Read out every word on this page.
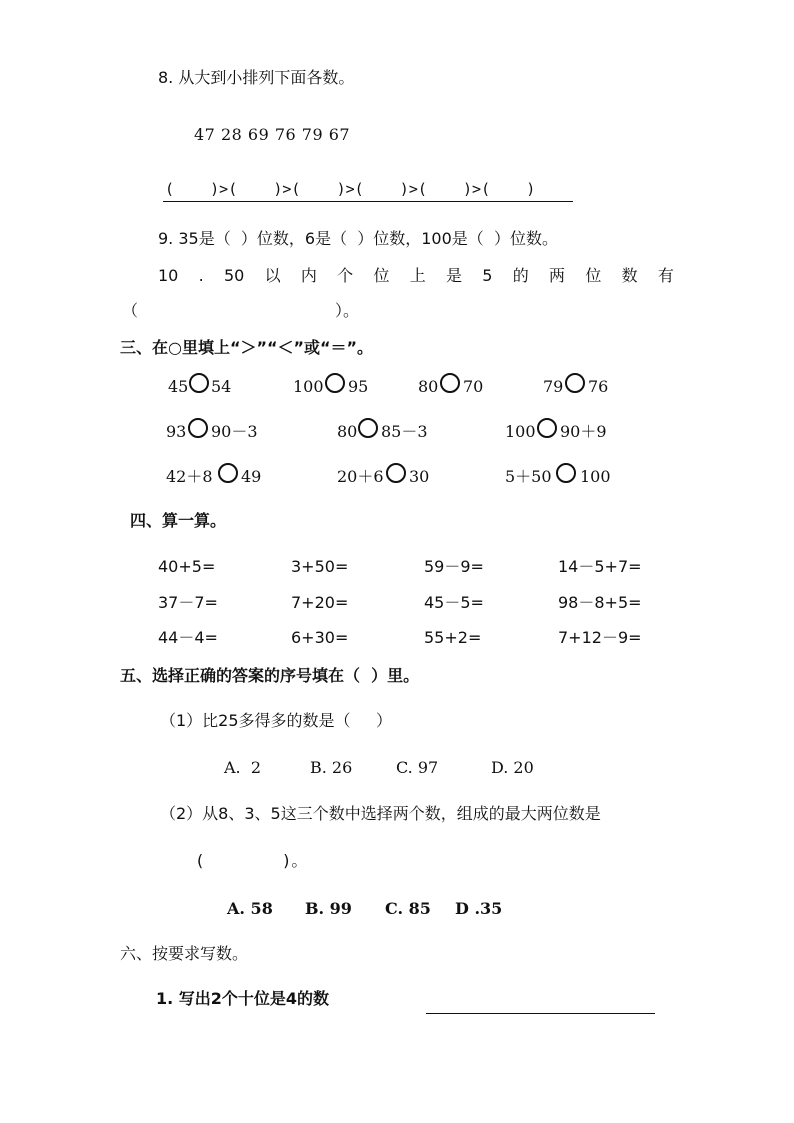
8. 从大到小排列下面各数。
47 28 69 76 79 67
(    )>(    )>(    )>(    )>(    )>(    )
9. 35是（  ）位数，6是（  ）位数，100是（  ）位数。
10 . 50 以 内 个 位 上 是 5 的 两 位 数 有
（	）。
三、在○里填上“＞”“＜”或“＝”。
45 54	100 95	80 70	79 76
93 90－3	80 85－3	100 90＋9
42＋8 49	20＋6 30	5＋50 100
四、算一算。
40+5=	3+50=	59－9=	14－5+7=
37－7=	7+20=	45－5=	98－8+5=
44－4=	6+30=	55+2=	7+12－9=
五、选择正确的答案的序号填在（  ）里。
（1）比25多得多的数是（     ）
A.  2	B. 26	C. 97	D. 20
（2）从8、3、5这三个数中选择两个数，组成的最大两位数是
(        )。
A. 58 B. 99 C. 85 D .35
六、按要求写数。
1. 写出2个十位是4的数
